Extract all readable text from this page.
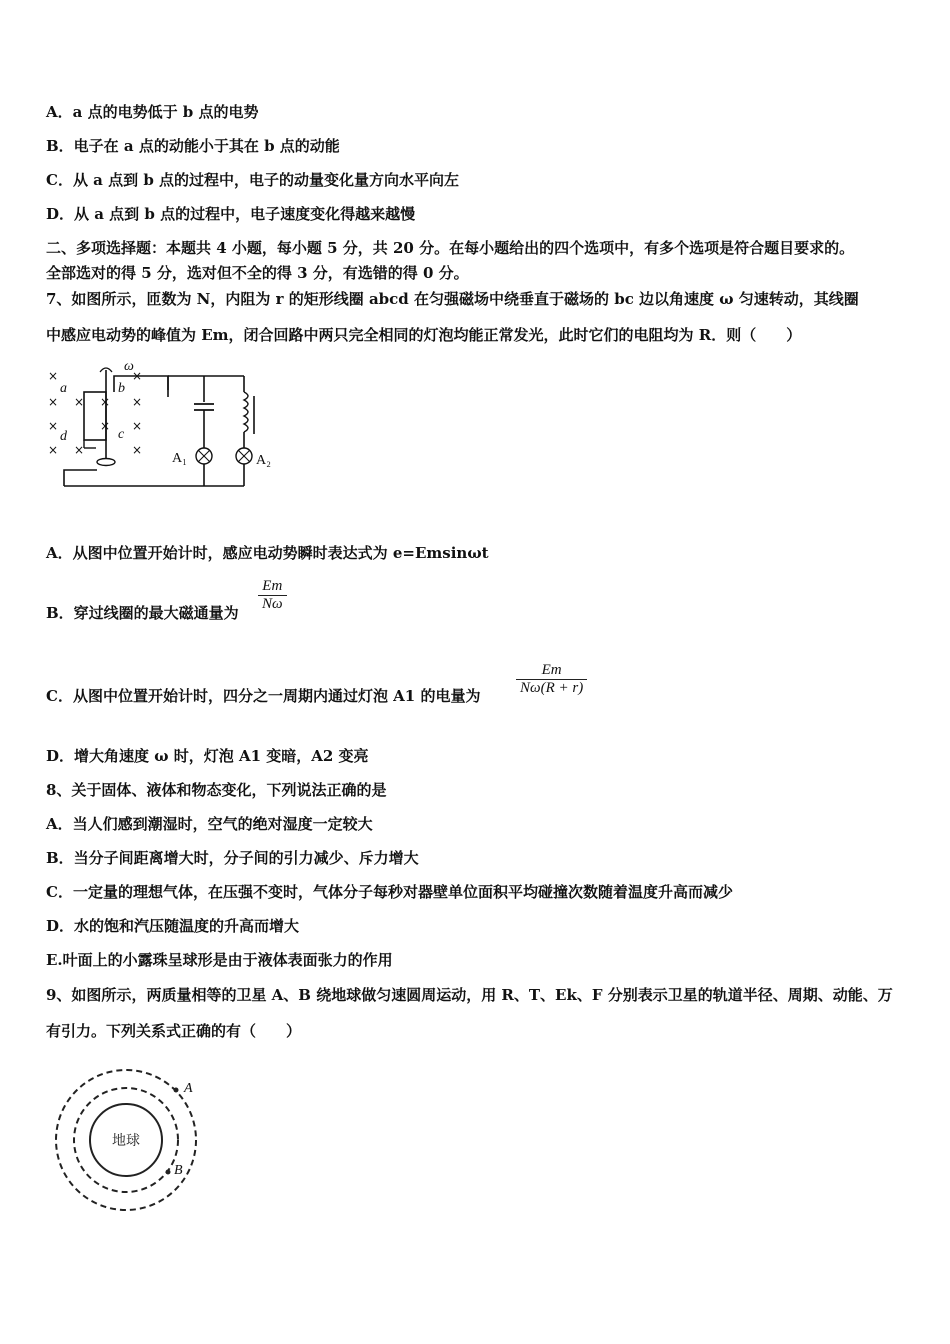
A．a 点的电势低于 b 点的电势
B．电子在 a 点的动能小于其在 b 点的动能
C．从 a 点到 b 点的过程中，电子的动量变化量方向水平向左
D．从 a 点到 b 点的过程中，电子速度变化得越来越慢
二、多项选择题：本题共 4 小题，每小题 5 分，共 20 分。在每小题给出的四个选项中，有多个选项是符合题目要求的。
全部选对的得 5 分，选对但不全的得 3 分，有选错的得 0 分。
7、如图所示，匝数为 N，内阻为 r 的矩形线圈 abcd 在匀强磁场中绕垂直于磁场的 bc 边以角速度 ω 匀速转动，其线圈
中感应电动势的峰值为 Em，闭合回路中两只完全相同的灯泡均能正常发光，此时它们的电阻均为 R．则（　　）
×
×
×
×
×
×
×
×
×
×
×
×
a	b
c
d
ω
A₁	A₂
A．从图中位置开始计时，感应电动势瞬时表达式为 e=Emsinωt
B．穿过线圈的最大磁通量为 $\frac{Em}{N\omega}$
C．从图中位置开始计时，四分之一周期内通过灯泡 A1 的电量为 $\frac{Em}{N\omega(R + r)}$
D．增大角速度 ω 时，灯泡 A1 变暗，A2 变亮
8、关于固体、液体和物态变化，下列说法正确的是
A．当人们感到潮湿时，空气的绝对湿度一定较大
B．当分子间距离增大时，分子间的引力减少、斥力增大
C．一定量的理想气体，在压强不变时，气体分子每秒对器壁单位面积平均碰撞次数随着温度升高而减少
D．水的饱和汽压随温度的升高而增大
E.叶面上的小露珠呈球形是由于液体表面张力的作用
9、如图所示，两质量相等的卫星 A、B 绕地球做匀速圆周运动，用 R、T、Ek、F 分别表示卫星的轨道半径、周期、动能、万
有引力。下列关系式正确的有（　　）
地球
A
B
